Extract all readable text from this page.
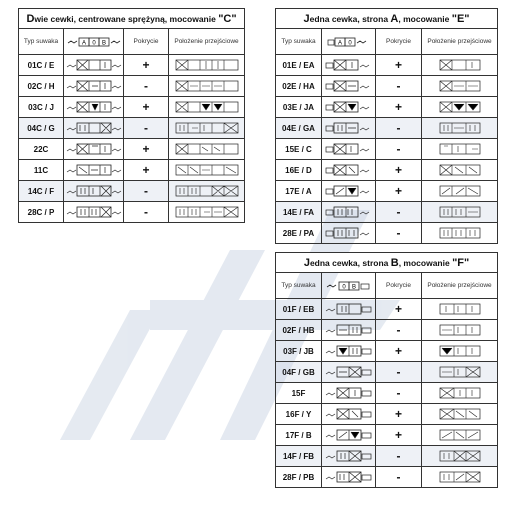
Dwie cewki, centrowane sprężyną, mocowanie "C"			
Typ suwaka	A 0 B	Pokrycie	Położenie przejściowe
01C / E		+	

02C / H		-	

03C / J		+	

04C / G		-	

22C		+	

11C		+	

14C / F		-	

28C / P		-	
Jedna cewka, strona A, mocowanie "E"			
Typ suwaka	A 0	Pokrycie	Położenie przejściowe
01E / EA		+	

02E / HA		-	

03E / JA		+	

04E / GA		-	

15E / C		-	

16E / D		+	

17E / A		+	

14E / FA		-	

28E / PA		-	
Jedna cewka, strona B, mocowanie "F"			
Typ suwaka	0 B	Pokrycie	Położenie przejściowe
01F / EB		+	

02F / HB		-	

03F / JB		+	

04F / GB		-	

15F		-	

16F / Y		+	

17F / B		+	

14F / FB		-	

28F / PB		-	
